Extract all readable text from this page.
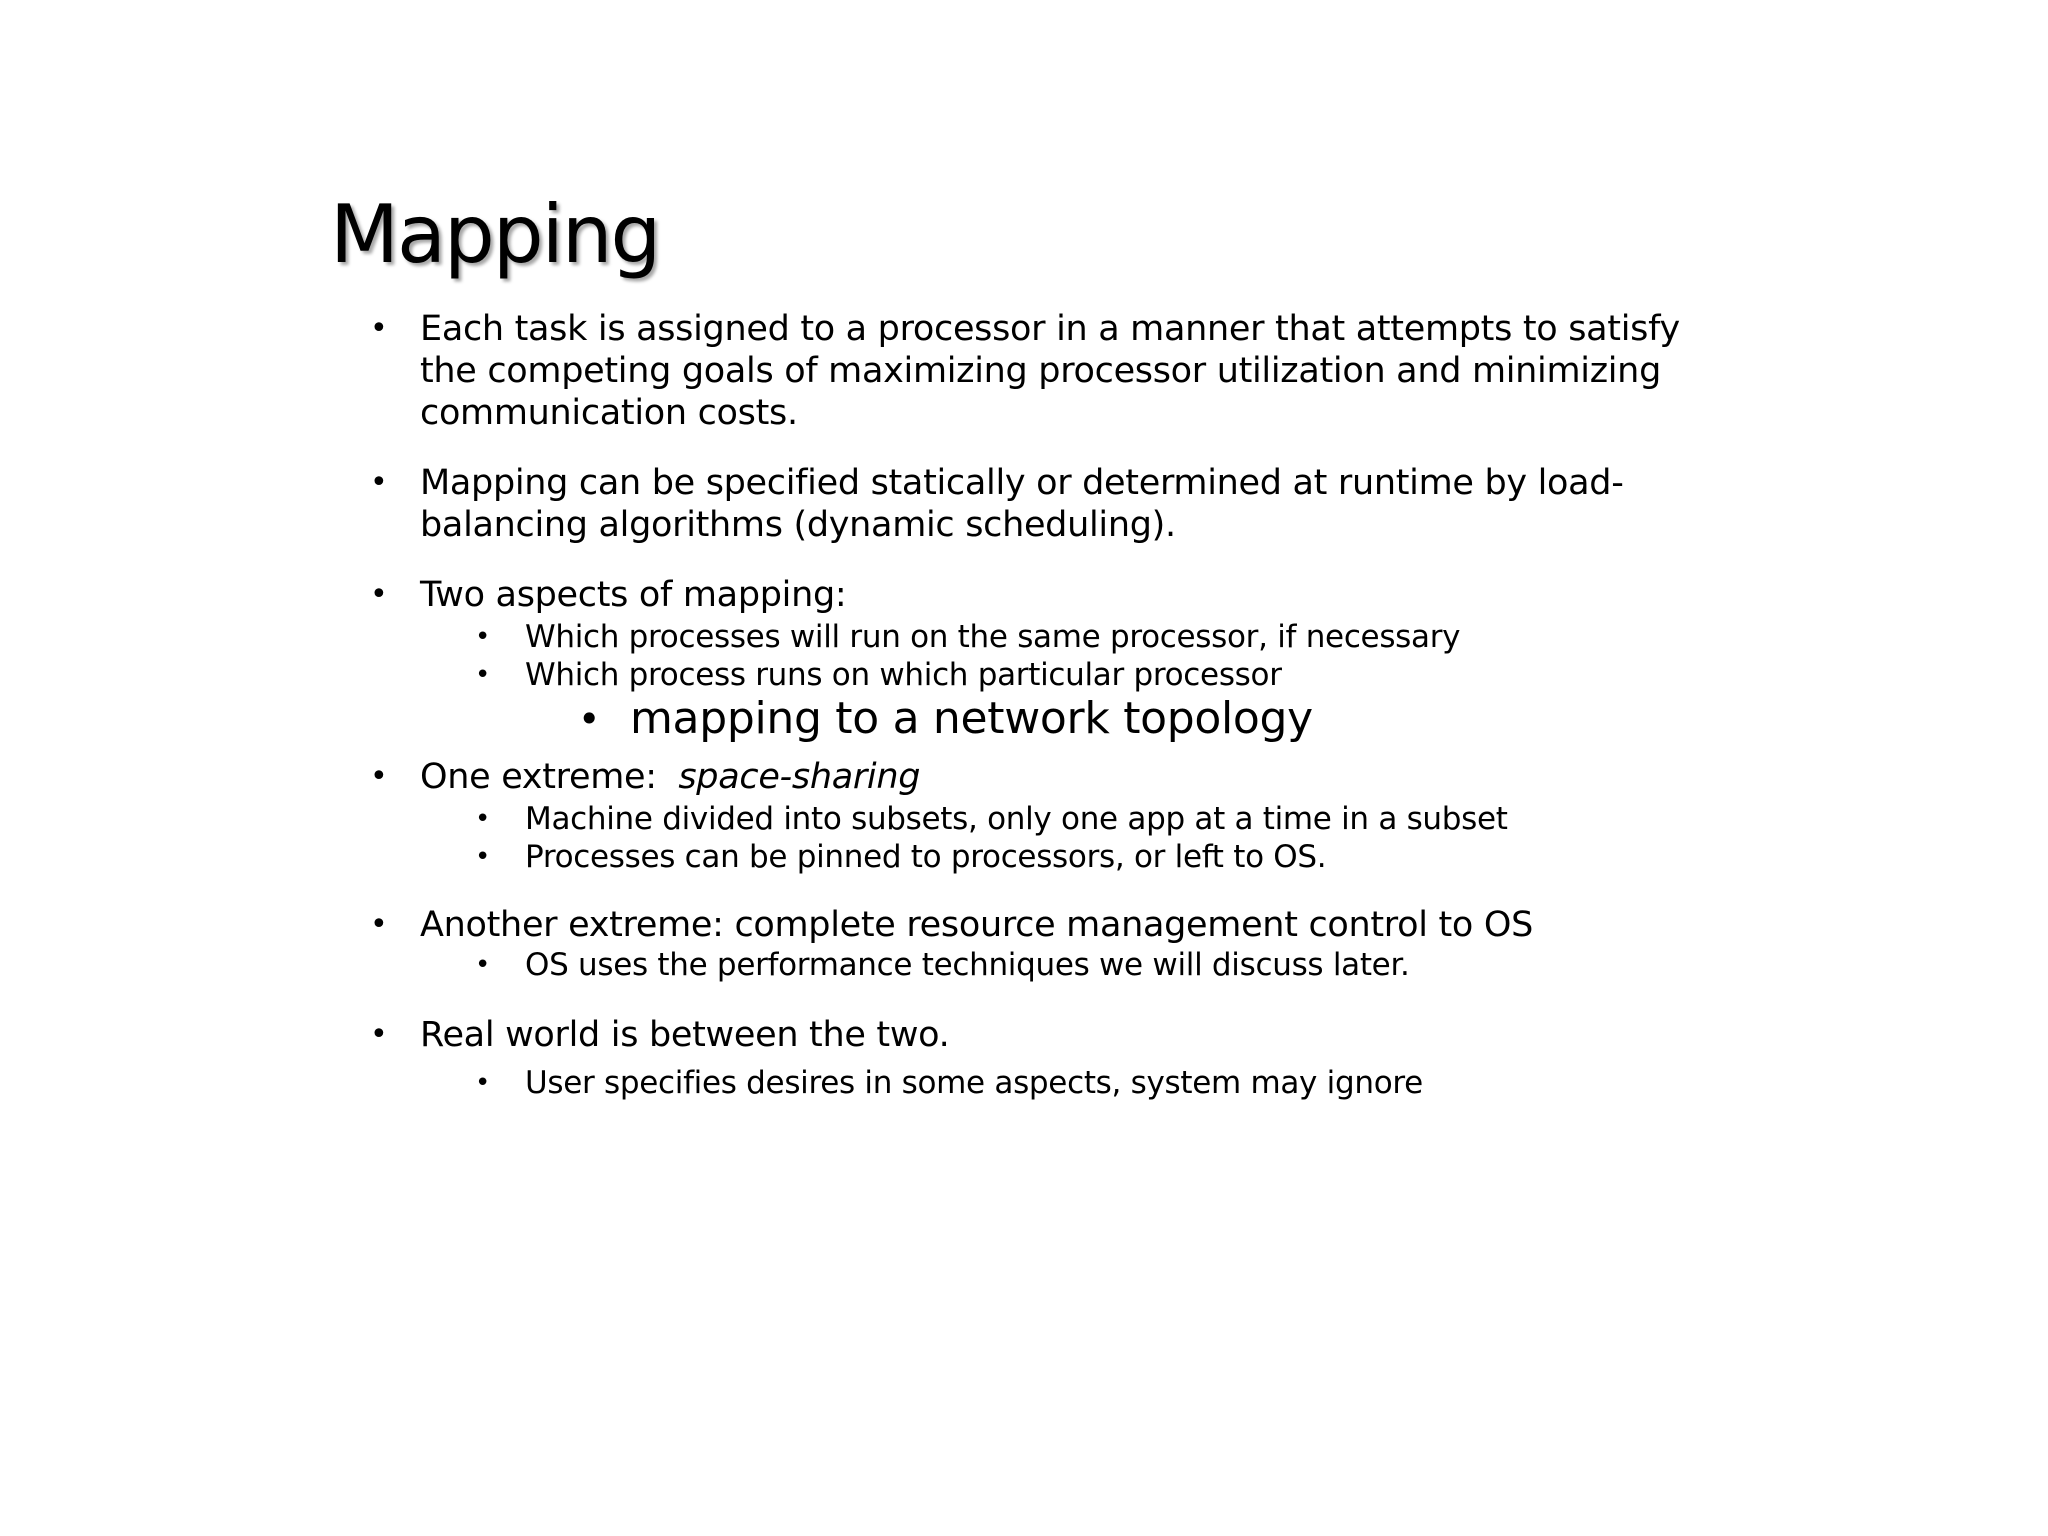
Mapping
• Each task is assigned to a processor in a manner that attempts to satisfy
the competing goals of maximizing processor utilization and minimizing
communication costs.
• Mapping can be specified statically or determined at runtime by load-
balancing algorithms (dynamic scheduling).
• Two aspects of mapping:
• Which processes will run on the same processor, if necessary
• Which process runs on which particular processor
• mapping to a network topology
• One extreme:  space-sharing
• Machine divided into subsets, only one app at a time in a subset
• Processes can be pinned to processors, or left to OS.
• Another extreme: complete resource management control to OS
• OS uses the performance techniques we will discuss later.
• Real world is between the two.
• User specifies desires in some aspects, system may ignore
